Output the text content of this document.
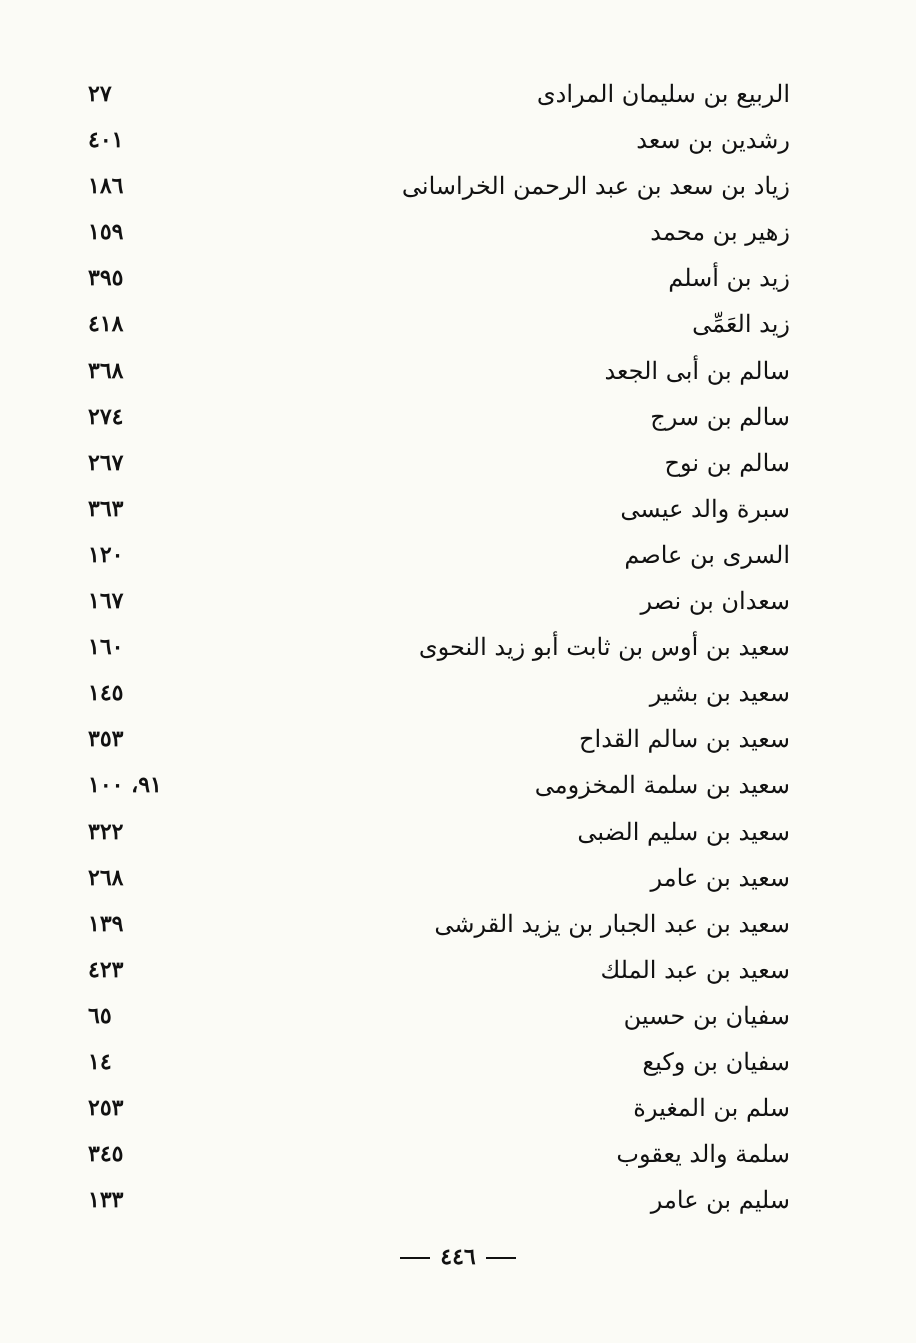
الربيع بن سليمان المرادى
٢٧
رشدين بن سعد
٤٠١
زياد بن سعد بن عبد الرحمن الخراسانى
١٨٦
زهير بن محمد
١٥٩
زيد بن أسلم
٣٩٥
زيد العَمِّى
٤١٨
سالم بن أبى الجعد
٣٦٨
سالم بن سرج
٢٧٤
سالم بن نوح
٢٦٧
سبرة والد عيسى
٣٦٣
السرى بن عاصم
١٢٠
سعدان بن نصر
١٦٧
سعيد بن أوس بن ثابت أبو زيد النحوى
١٦٠
سعيد بن بشير
١٤٥
سعيد بن سالم القداح
٣٥٣
سعيد بن سلمة المخزومى
٩١، ١٠٠
سعيد بن سليم الضبى
٣٢٢
سعيد بن عامر
٢٦٨
سعيد بن عبد الجبار بن يزيد القرشى
١٣٩
سعيد بن عبد الملك
٤٢٣
سفيان بن حسين
٦٥
سفيان بن وكيع
١٤
سلم بن المغيرة
٢٥٣
سلمة والد يعقوب
٣٤٥
سليم بن عامر
١٣٣
٤٤٦
